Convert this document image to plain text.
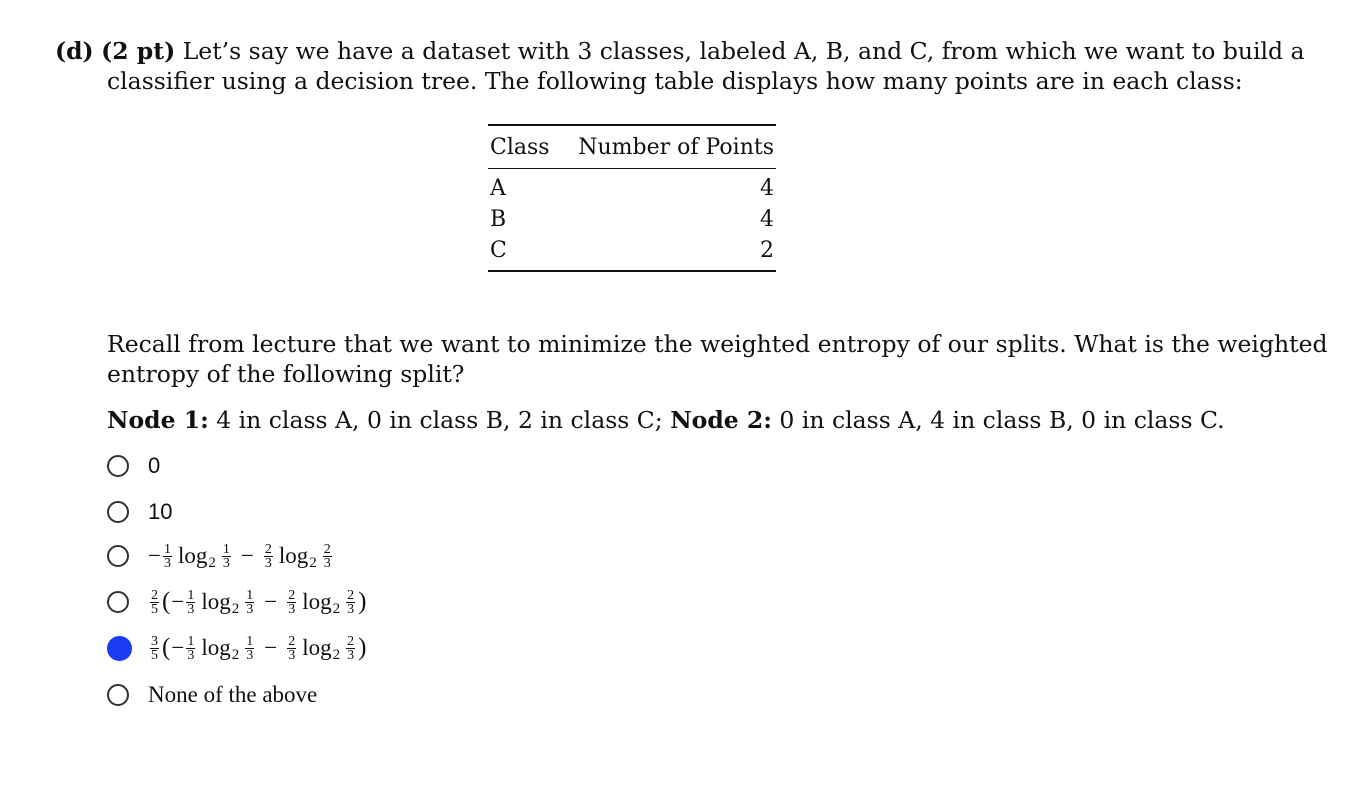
(d) (2 pt) Let’s say we have a dataset with 3 classes, labeled A, B, and C, from which we want to build a
classifier using a decision tree. The following table displays how many points are in each class:
Class Number of Points
A	4
B	4
C	2
Recall from lecture that we want to minimize the weighted entropy of our splits. What is the weighted
entropy of the following split?
Node 1: 4 in class A, 0 in class B, 2 in class C; Node 2: 0 in class A, 4 in class B, 0 in class C.
0
10
− $\frac{1}{3}$ $\log 2 \frac{1}{3} - \frac{2}{3}$ $\log 2 \frac{2}{3}$
$\frac{2}{5}$ ( − $\frac{1}{3}$ $\log 2 \frac{1}{3} - \frac{2}{3}$ $\log 2 \frac{2}{3}$ )
$\frac{3}{5}$ ( − $\frac{1}{3}$ $\log 2 \frac{1}{3} - \frac{2}{3}$ $\log 2 \frac{2}{3}$ )
None of the above
